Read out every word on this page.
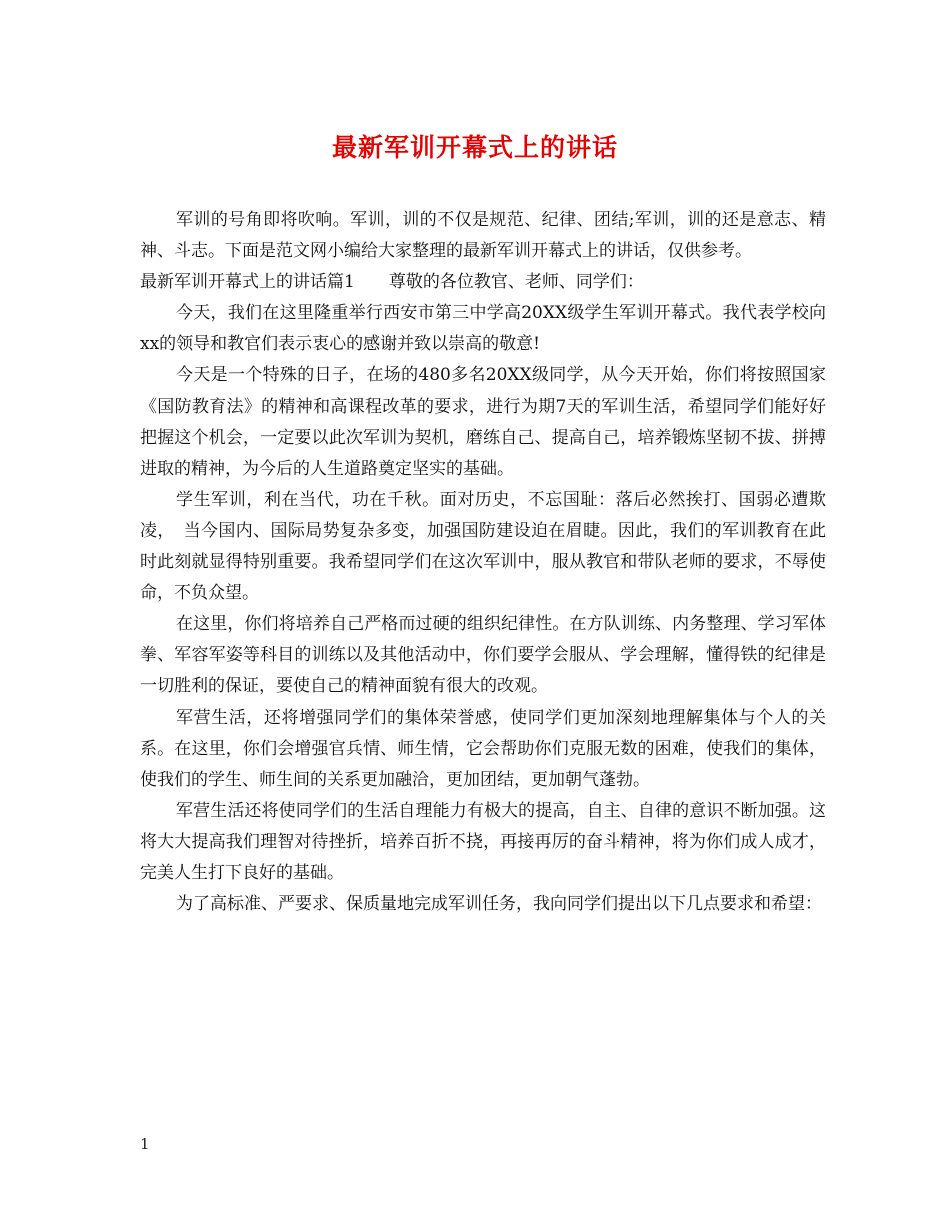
最新军训开幕式上的讲话

军训的号角即将吹响。军训，训的不仅是规范、纪律、团结;军训，训的还是意志、精神、斗志。下面是范文网小编给大家整理的最新军训开幕式上的讲话，仅供参考。

最新军训开幕式上的讲话篇1　　尊敬的各位教官、老师、同学们：

今天，我们在这里隆重举行西安市第三中学高20XX级学生军训开幕式。我代表学校向xx的领导和教官们表示衷心的感谢并致以崇高的敬意!

今天是一个特殊的日子，在场的480多名20XX级同学，从今天开始，你们将按照国家《国防教育法》的精神和高课程改革的要求，进行为期7天的军训生活，希望同学们能好好把握这个机会，一定要以此次军训为契机，磨练自己、提高自己，培养锻炼坚韧不拔、拼搏进取的精神，为今后的人生道路奠定坚实的基础。

学生军训，利在当代，功在千秋。面对历史，不忘国耻：落后必然挨打、国弱必遭欺凌，　当今国内、国际局势复杂多变，加强国防建设迫在眉睫。因此，我们的军训教育在此时此刻就显得特别重要。我希望同学们在这次军训中，服从教官和带队老师的要求，不辱使命，不负众望。

在这里，你们将培养自己严格而过硬的组织纪律性。在方队训练、内务整理、学习军体拳、军容军姿等科目的训练以及其他活动中，你们要学会服从、学会理解，懂得铁的纪律是一切胜利的保证，要使自己的精神面貌有很大的改观。

军营生活，还将增强同学们的集体荣誉感，使同学们更加深刻地理解集体与个人的关系。在这里，你们会增强官兵情、师生情，它会帮助你们克服无数的困难，使我们的集体，使我们的学生、师生间的关系更加融洽，更加团结，更加朝气蓬勃。

军营生活还将使同学们的生活自理能力有极大的提高，自主、自律的意识不断加强。这将大大提高我们理智对待挫折，培养百折不挠，再接再厉的奋斗精神，将为你们成人成才，完美人生打下良好的基础。

为了高标准、严要求、保质量地完成军训任务，我向同学们提出以下几点要求和希望：

1
